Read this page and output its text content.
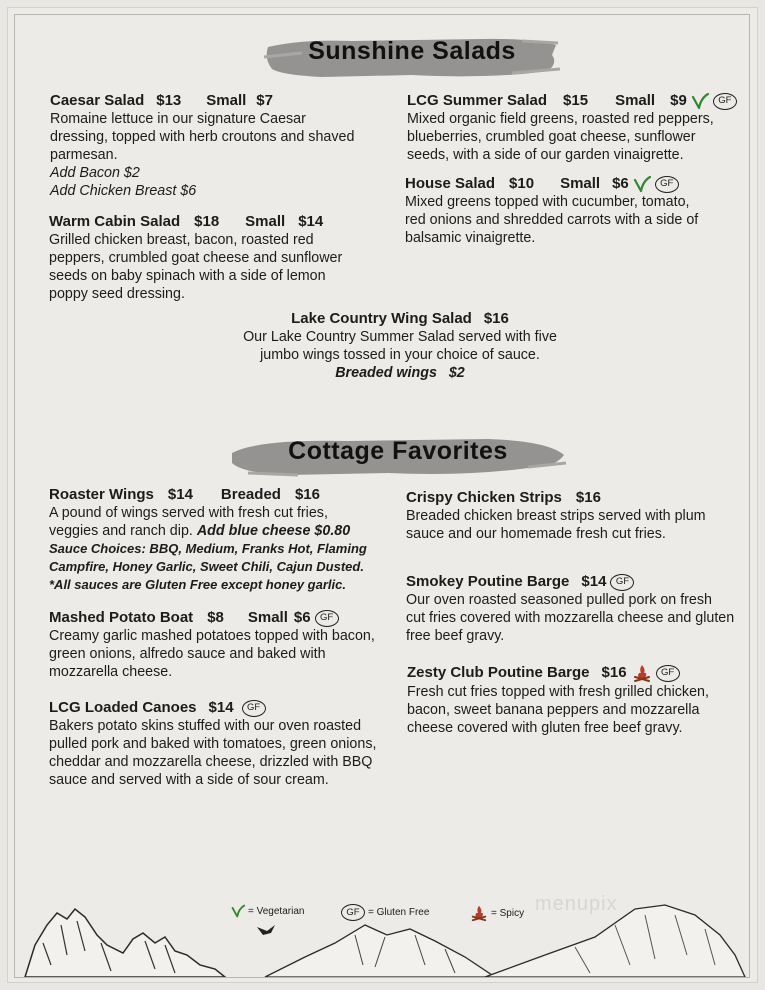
Sunshine Salads
Caesar Salad $13 Small $7

Romaine lettuce in our signature Caesar

dressing, topped with herb croutons and shaved

parmesan.

Add Bacon $2

Add Chicken Breast $6

Warm Cabin Salad $18 Small $14

Grilled chicken breast, bacon, roasted red

peppers, crumbled goat cheese and sunflower

seeds on baby spinach with a side of lemon

poppy seed dressing.

LCG Summer Salad $15 Small $9	GF

Mixed organic field greens, roasted red peppers,

blueberries, crumbled goat cheese, sunflower

seeds, with a side of our garden vinaigrette.

House Salad $10 Small $6	GF

Mixed greens topped with cucumber, tomato,

red onions and shredded carrots with a side of

balsamic vinaigrette.

Lake Country Wing Salad $16

Our Lake Country Summer Salad served with five

jumbo wings tossed in your choice of sauce.

Breaded wings   $2

Cottage Favorites
Roaster Wings $14 Breaded $16

A pound of wings served with fresh cut fries,

veggies and ranch dip. Add blue cheese $0.80

Sauce Choices: BBQ, Medium, Franks Hot, Flaming

Campfire, Honey Garlic, Sweet Chili, Cajun Dusted.

*All sauces are Gluten Free except honey garlic.

Mashed Potato Boat $8 Small $6 GF

Creamy garlic mashed potatoes topped with bacon,

green onions, alfredo sauce and baked with

mozzarella cheese.

LCG Loaded Canoes $14	GF

Bakers potato skins stuffed with our oven roasted

pulled pork and baked with tomatoes, green onions,

cheddar and mozzarella cheese, drizzled with BBQ

sauce and served with a side of sour cream.

Crispy Chicken Strips $16

Breaded chicken breast strips served with plum

sauce and our homemade fresh cut fries.

Smokey Poutine Barge $14 GF

Our oven roasted seasoned pulled pork on fresh

cut fries covered with mozzarella cheese and gluten

free beef gravy.

Zesty Club Poutine Barge $16	GF

Fresh cut fries topped with fresh grilled chicken,

bacon, sweet banana peppers and mozzarella

cheese covered with gluten free beef gravy.

menupix
= Vegetarian	GF = Gluten Free	= Spicy
